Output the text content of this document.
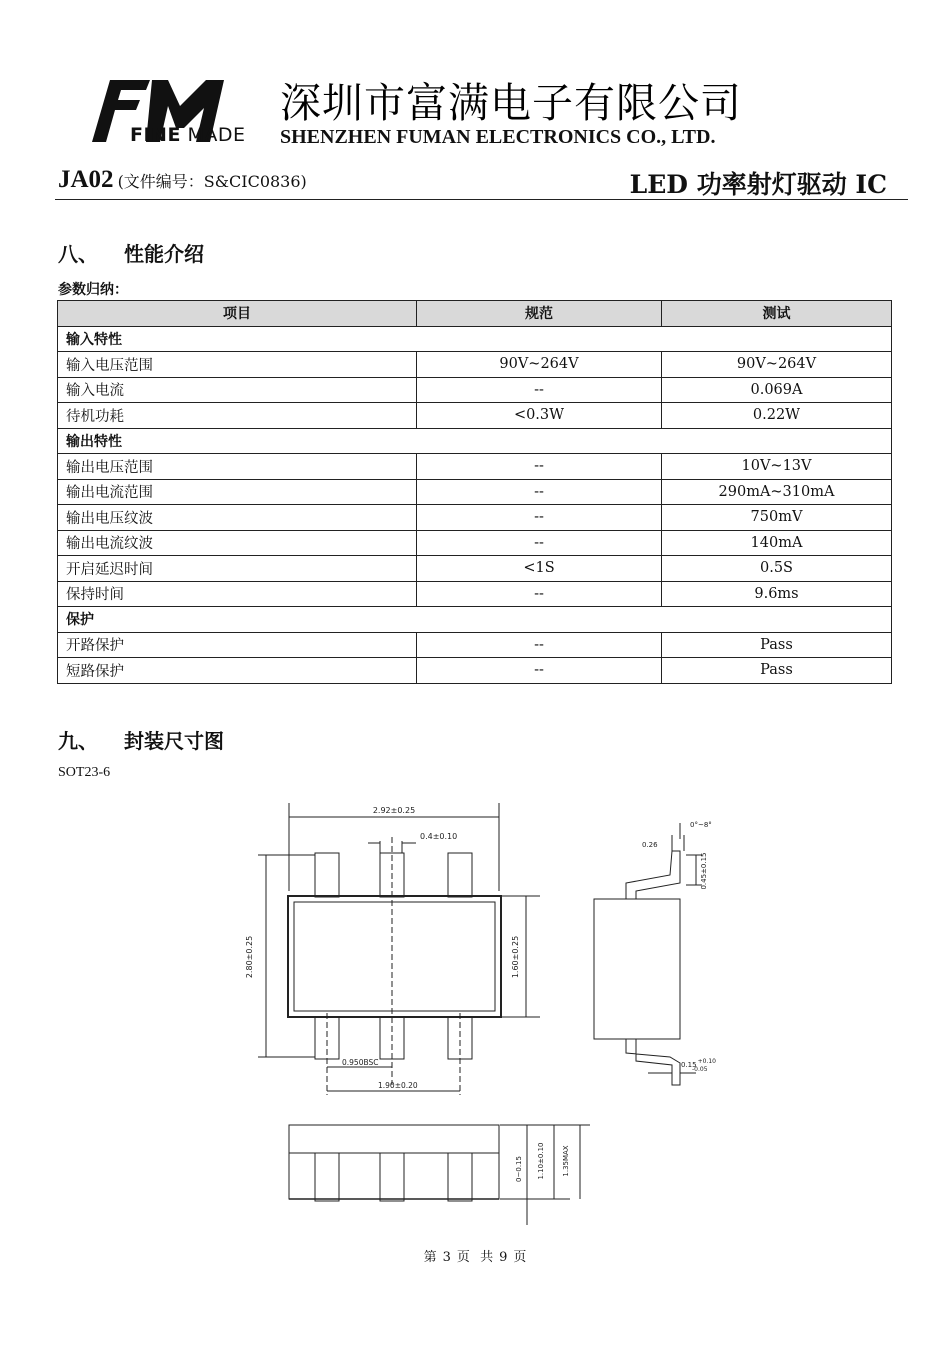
FINE MADE
深圳市富满电子有限公司
SHENZHEN FUMAN ELECTRONICS CO., LTD.
JA02 (文件编号：S&CIC0836)	LED 功率射灯驱动 IC
八、 性能介绍
参数归纳：
项目	规范	测试
输入特性		
输入电压范围	90V~264V	90V~264V
输入电流	--	0.069A
待机功耗	<0.3W	0.22W
输出特性		
输出电压范围	--	10V~13V
输出电流范围	--	290mA~310mA
输出电压纹波	--	750mV
输出电流纹波	--	140mA
开启延迟时间	<1S	0.5S
保持时间	--	9.6ms
保护		
开路保护	--	Pass
短路保护	--	Pass
九、 封装尺寸图
SOT23-6
2.92±0.25
0.4±0.10
2.80±0.25	1.60±0.25
0.950BSC
1.90±0.20
0.26
0°~8°
0.45±0.15
0.15+0.10 -0.05
0~0.15 1.10±0.10 1.35MAX
第 3 页 共 9 页
